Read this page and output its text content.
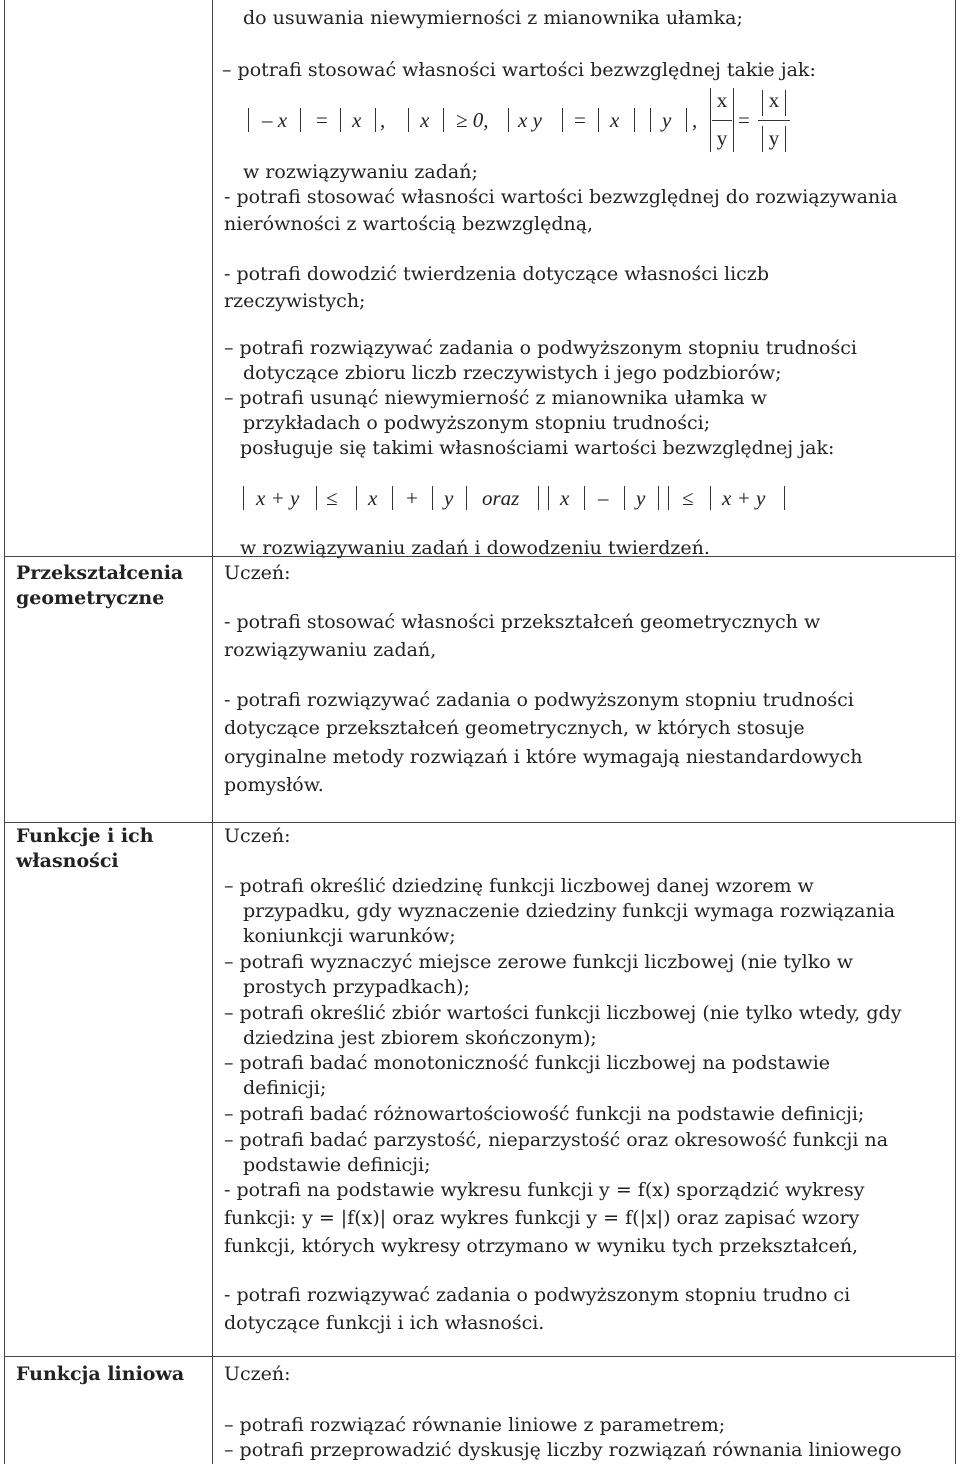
do usuwania niewymierności z mianownika ułamka;
– potrafi stosować własności wartości bezwzględnej takie jak:
– x = x , x ≥ 0, x y = x y ,
x
y
=
x
y
w rozwiązywaniu zadań;
- potrafi stosować własności wartości bezwzględnej do rozwiązywania
nierówności z wartością bezwzględną,
- potrafi dowodzić twierdzenia dotyczące własności liczb
rzeczywistych;
– potrafi rozwiązywać zadania o podwyższonym stopniu trudności
dotyczące zbioru liczb rzeczywistych i jego podzbiorów;
– potrafi usunąć niewymierność z mianownika ułamka w
przykładach o podwyższonym stopniu trudności;
posługuje się takimi własnościami wartości bezwzględnej jak:
x + y ≤ x + y oraz x – y ≤ x + y
w rozwiązywaniu zadań i dowodzeniu twierdzeń.
Przekształcenia
geometryczne
Uczeń:
- potrafi stosować własności przekształceń geometrycznych w
rozwiązywaniu zadań,
- potrafi rozwiązywać zadania o podwyższonym stopniu trudności
dotyczące przekształceń geometrycznych, w których stosuje
oryginalne metody rozwiązań i które wymagają niestandardowych
pomysłów.
Funkcje i ich
własności
Uczeń:
– potrafi określić dziedzinę funkcji liczbowej danej wzorem w
przypadku, gdy wyznaczenie dziedziny funkcji wymaga rozwiązania
koniunkcji warunków;
– potrafi wyznaczyć miejsce zerowe funkcji liczbowej (nie tylko w
prostych przypadkach);
– potrafi określić zbiór wartości funkcji liczbowej (nie tylko wtedy, gdy
dziedzina jest zbiorem skończonym);
– potrafi badać monotoniczność funkcji liczbowej na podstawie
definicji;
– potrafi badać różnowartościowość funkcji na podstawie definicji;
– potrafi badać parzystość, nieparzystość oraz okresowość funkcji na
podstawie definicji;
- potrafi na podstawie wykresu funkcji y = f(x) sporządzić wykresy
funkcji: y = |f(x)| oraz wykres funkcji y = f(|x|) oraz zapisać wzory
funkcji, których wykresy otrzymano w wyniku tych przekształceń,
- potrafi rozwiązywać zadania o podwyższonym stopniu trudno ci
dotyczące funkcji i ich własności.
Funkcja liniowa Uczeń:
– potrafi rozwiązać równanie liniowe z parametrem;
– potrafi przeprowadzić dyskusję liczby rozwiązań równania liniowego
